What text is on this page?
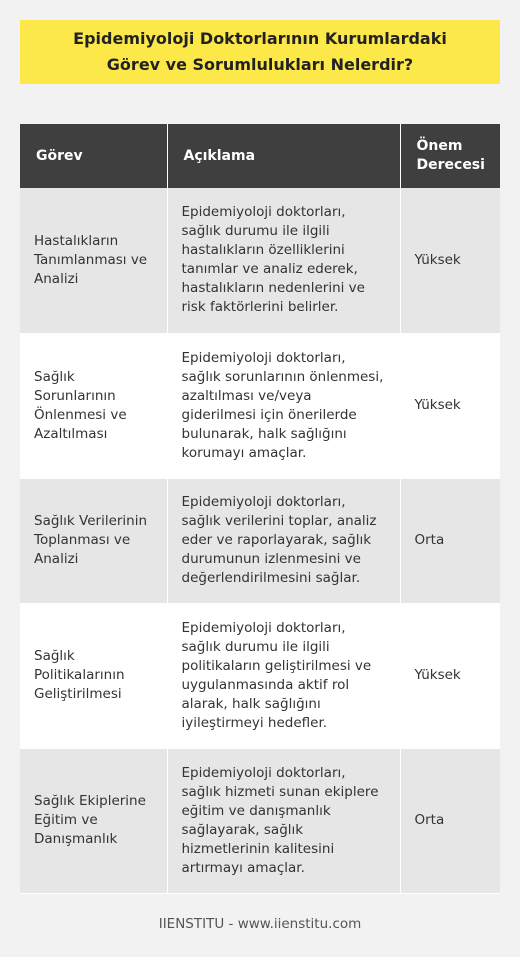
Epidemiyoloji Doktorlarının Kurumlardaki Görev ve Sorumlulukları Nelerdir?
Görev	Açıklama	Önem Derecesi
Hastalıkların Tanımlanması ve Analizi	Epidemiyoloji doktorları, sağlık durumu ile ilgili hastalıkların özelliklerini tanımlar ve analiz ederek, hastalıkların nedenlerini ve risk faktörlerini belirler.	Yüksek
Sağlık Sorunlarının Önlenmesi ve Azaltılması	Epidemiyoloji doktorları, sağlık sorunlarının önlenmesi, azaltılması ve/veya giderilmesi için önerilerde bulunarak, halk sağlığını korumayı amaçlar.	Yüksek
Sağlık Verilerinin Toplanması ve Analizi	Epidemiyoloji doktorları, sağlık verilerini toplar, analiz eder ve raporlayarak, sağlık durumunun izlenmesini ve değerlendirilmesini sağlar.	Orta
Sağlık Politikalarının Geliştirilmesi	Epidemiyoloji doktorları, sağlık durumu ile ilgili politikaların geliştirilmesi ve uygulanmasında aktif rol alarak, halk sağlığını iyileştirmeyi hedefler.	Yüksek
Sağlık Ekiplerine Eğitim ve Danışmanlık	Epidemiyoloji doktorları, sağlık hizmeti sunan ekiplere eğitim ve danışmanlık sağlayarak, sağlık hizmetlerinin kalitesini artırmayı amaçlar.	Orta
IIENSTITU - www.iienstitu.com
